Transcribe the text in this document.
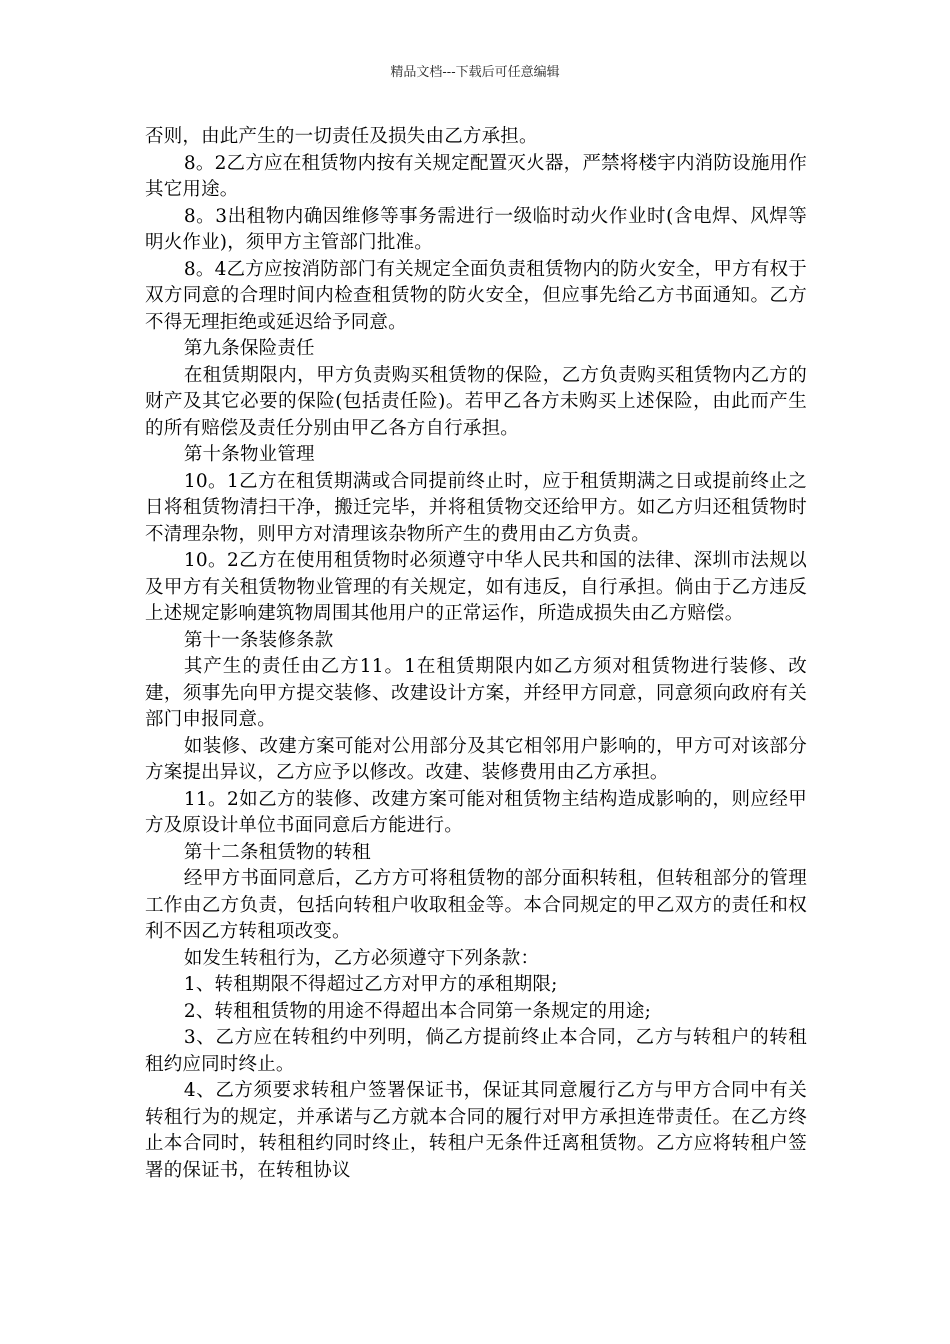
精品文档---下载后可任意编辑

否则，由此产生的一切责任及损失由乙方承担。

8。2乙方应在租赁物内按有关规定配置灭火器，严禁将楼宇内消防设施用作其它用途。

8。3出租物内确因维修等事务需进行一级临时动火作业时(含电焊、风焊等明火作业)，须甲方主管部门批准。

8。4乙方应按消防部门有关规定全面负责租赁物内的防火安全，甲方有权于双方同意的合理时间内检查租赁物的防火安全，但应事先给乙方书面通知。乙方不得无理拒绝或延迟给予同意。

第九条保险责任

在租赁期限内，甲方负责购买租赁物的保险，乙方负责购买租赁物内乙方的财产及其它必要的保险(包括责任险)。若甲乙各方未购买上述保险，由此而产生的所有赔偿及责任分别由甲乙各方自行承担。

第十条物业管理

10。1乙方在租赁期满或合同提前终止时，应于租赁期满之日或提前终止之日将租赁物清扫干净，搬迁完毕，并将租赁物交还给甲方。如乙方归还租赁物时不清理杂物，则甲方对清理该杂物所产生的费用由乙方负责。

10。2乙方在使用租赁物时必须遵守中华人民共和国的法律、深圳市法规以及甲方有关租赁物物业管理的有关规定，如有违反，自行承担。倘由于乙方违反上述规定影响建筑物周围其他用户的正常运作，所造成损失由乙方赔偿。

第十一条装修条款

其产生的责任由乙方11。1在租赁期限内如乙方须对租赁物进行装修、改建，须事先向甲方提交装修、改建设计方案，并经甲方同意，同意须向政府有关部门申报同意。

如装修、改建方案可能对公用部分及其它相邻用户影响的，甲方可对该部分方案提出异议，乙方应予以修改。改建、装修费用由乙方承担。

11。2如乙方的装修、改建方案可能对租赁物主结构造成影响的，则应经甲方及原设计单位书面同意后方能进行。

第十二条租赁物的转租

经甲方书面同意后，乙方方可将租赁物的部分面积转租，但转租部分的管理工作由乙方负责，包括向转租户收取租金等。本合同规定的甲乙双方的责任和权利不因乙方转租项改变。

如发生转租行为，乙方必须遵守下列条款：

1、转租期限不得超过乙方对甲方的承租期限;

2、转租租赁物的用途不得超出本合同第一条规定的用途;

3、乙方应在转租约中列明，倘乙方提前终止本合同，乙方与转租户的转租租约应同时终止。

4、乙方须要求转租户签署保证书，保证其同意履行乙方与甲方合同中有关转租行为的规定，并承诺与乙方就本合同的履行对甲方承担连带责任。在乙方终止本合同时，转租租约同时终止，转租户无条件迁离租赁物。乙方应将转租户签署的保证书，在转租协议
